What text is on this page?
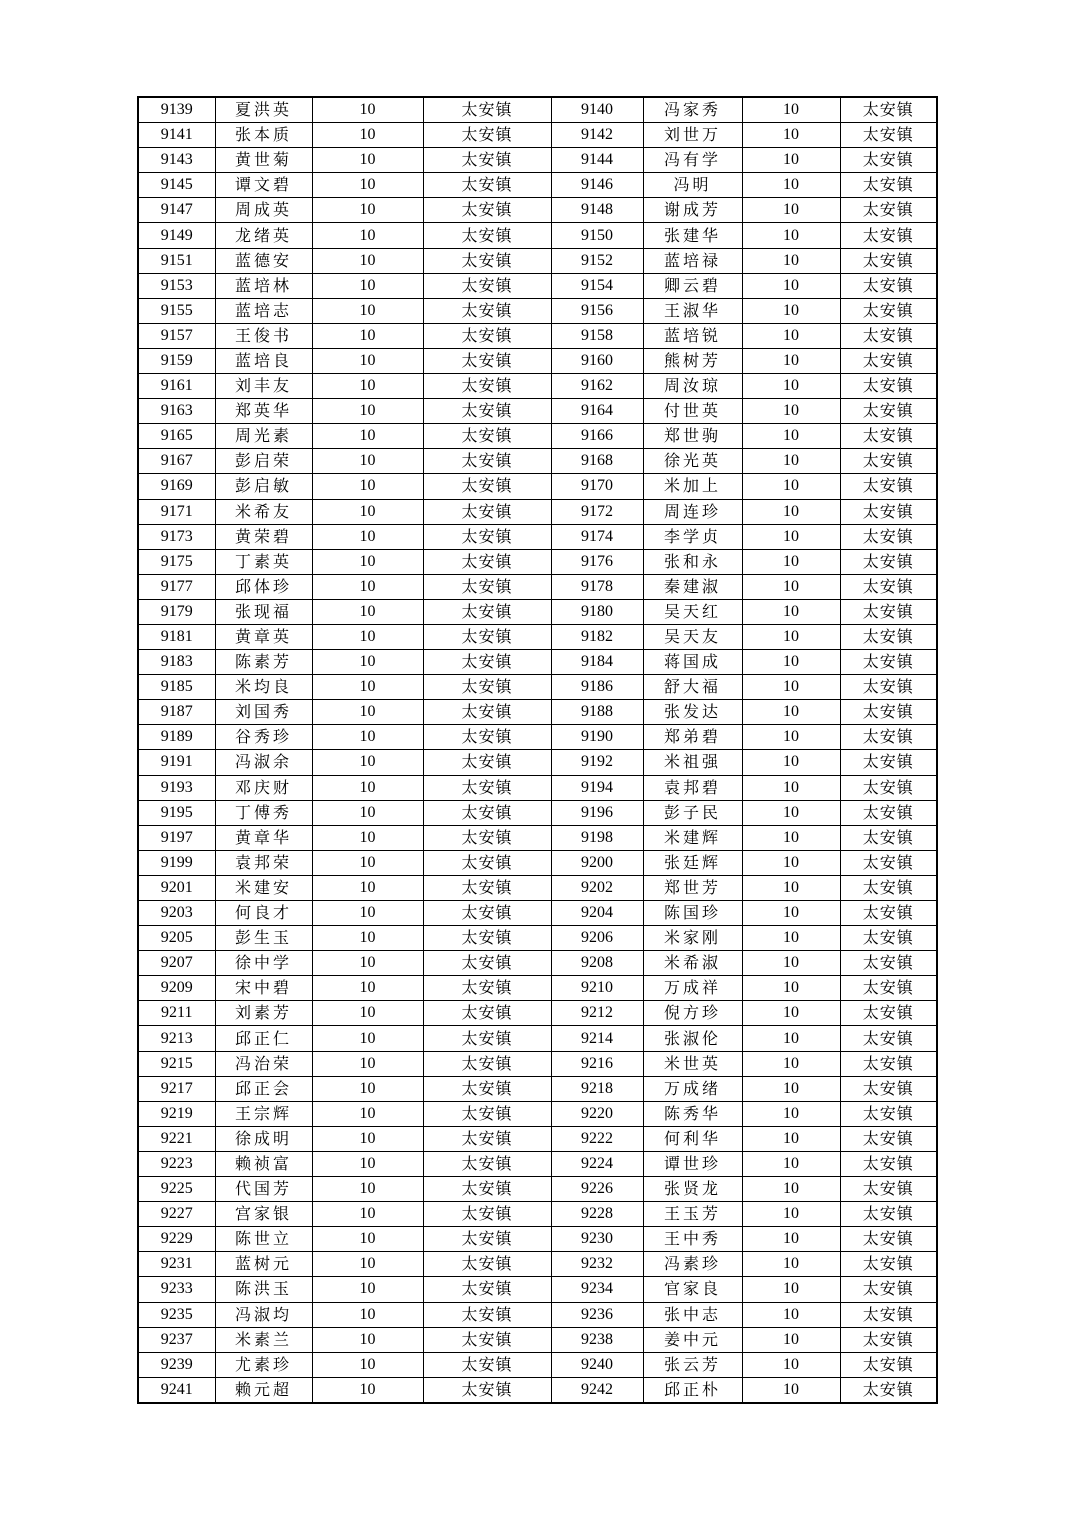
9139	夏洪英	10	太安镇	9140	冯家秀	10	太安镇
9141	张本质	10	太安镇	9142	刘世万	10	太安镇
9143	黄世菊	10	太安镇	9144	冯有学	10	太安镇
9145	谭文碧	10	太安镇	9146	冯明	10	太安镇
9147	周成英	10	太安镇	9148	谢成芳	10	太安镇
9149	龙绪英	10	太安镇	9150	张建华	10	太安镇
9151	蓝德安	10	太安镇	9152	蓝培禄	10	太安镇
9153	蓝培林	10	太安镇	9154	卿云碧	10	太安镇
9155	蓝培志	10	太安镇	9156	王淑华	10	太安镇
9157	王俊书	10	太安镇	9158	蓝培锐	10	太安镇
9159	蓝培良	10	太安镇	9160	熊树芳	10	太安镇
9161	刘丰友	10	太安镇	9162	周汝琼	10	太安镇
9163	郑英华	10	太安镇	9164	付世英	10	太安镇
9165	周光素	10	太安镇	9166	郑世驹	10	太安镇
9167	彭启荣	10	太安镇	9168	徐光英	10	太安镇
9169	彭启敏	10	太安镇	9170	米加上	10	太安镇
9171	米希友	10	太安镇	9172	周连珍	10	太安镇
9173	黄荣碧	10	太安镇	9174	李学贞	10	太安镇
9175	丁素英	10	太安镇	9176	张和永	10	太安镇
9177	邱体珍	10	太安镇	9178	秦建淑	10	太安镇
9179	张现福	10	太安镇	9180	吴天红	10	太安镇
9181	黄章英	10	太安镇	9182	吴天友	10	太安镇
9183	陈素芳	10	太安镇	9184	蒋国成	10	太安镇
9185	米均良	10	太安镇	9186	舒大福	10	太安镇
9187	刘国秀	10	太安镇	9188	张发达	10	太安镇
9189	谷秀珍	10	太安镇	9190	郑弟碧	10	太安镇
9191	冯淑余	10	太安镇	9192	米祖强	10	太安镇
9193	邓庆财	10	太安镇	9194	袁邦碧	10	太安镇
9195	丁傅秀	10	太安镇	9196	彭子民	10	太安镇
9197	黄章华	10	太安镇	9198	米建辉	10	太安镇
9199	袁邦荣	10	太安镇	9200	张廷辉	10	太安镇
9201	米建安	10	太安镇	9202	郑世芳	10	太安镇
9203	何良才	10	太安镇	9204	陈国珍	10	太安镇
9205	彭生玉	10	太安镇	9206	米家刚	10	太安镇
9207	徐中学	10	太安镇	9208	米希淑	10	太安镇
9209	宋中碧	10	太安镇	9210	万成祥	10	太安镇
9211	刘素芳	10	太安镇	9212	倪方珍	10	太安镇
9213	邱正仁	10	太安镇	9214	张淑伦	10	太安镇
9215	冯治荣	10	太安镇	9216	米世英	10	太安镇
9217	邱正会	10	太安镇	9218	万成绪	10	太安镇
9219	王宗辉	10	太安镇	9220	陈秀华	10	太安镇
9221	徐成明	10	太安镇	9222	何利华	10	太安镇
9223	赖祯富	10	太安镇	9224	谭世珍	10	太安镇
9225	代国芳	10	太安镇	9226	张贤龙	10	太安镇
9227	宫家银	10	太安镇	9228	王玉芳	10	太安镇
9229	陈世立	10	太安镇	9230	王中秀	10	太安镇
9231	蓝树元	10	太安镇	9232	冯素珍	10	太安镇
9233	陈洪玉	10	太安镇	9234	官家良	10	太安镇
9235	冯淑均	10	太安镇	9236	张中志	10	太安镇
9237	米素兰	10	太安镇	9238	姜中元	10	太安镇
9239	尤素珍	10	太安镇	9240	张云芳	10	太安镇
9241	赖元超	10	太安镇	9242	邱正朴	10	太安镇
